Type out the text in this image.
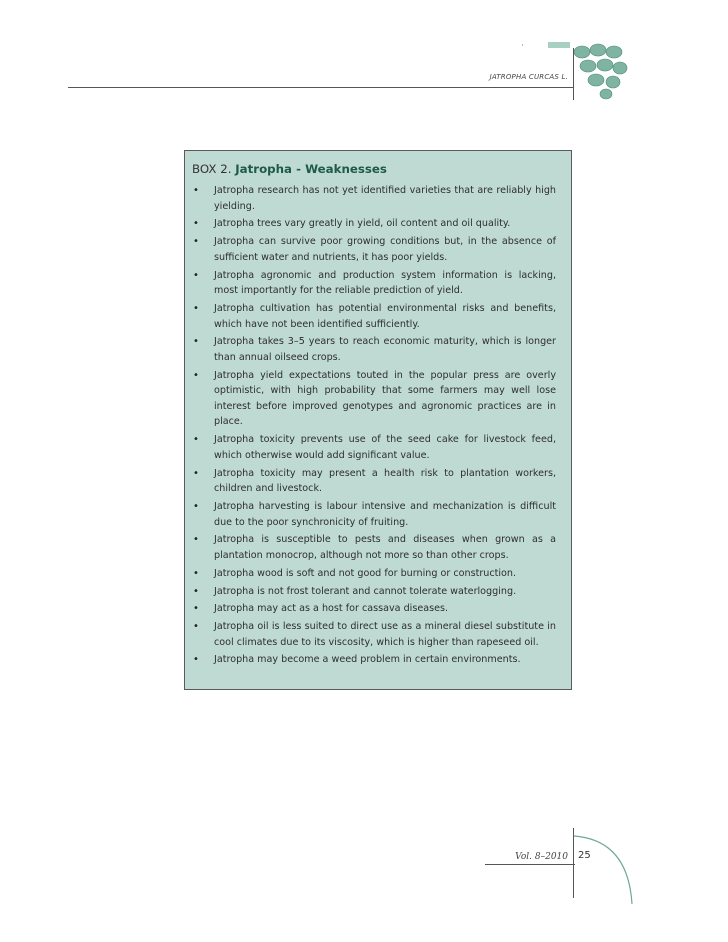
JATROPHA CURCAS L.
BOX 2. Jatropha - Weaknesses
• Jatropha research has not yet identified varieties that are reliably high yielding.
• Jatropha trees vary greatly in yield, oil content and oil quality.
• Jatropha can survive poor growing conditions but, in the absence of sufficient water and nutrients, it has poor yields.
• Jatropha agronomic and production system information is lacking, most importantly for the reliable prediction of yield.
• Jatropha cultivation has potential environmental risks and benefits, which have not been identified sufficiently.
• Jatropha takes 3–5 years to reach economic maturity, which is longer than annual oilseed crops.
• Jatropha yield expectations touted in the popular press are overly optimistic, with high probability that some farmers may well lose interest before improved genotypes and agronomic practices are in place.
• Jatropha toxicity prevents use of the seed cake for livestock feed, which otherwise would add significant value.
• Jatropha toxicity may present a health risk to plantation workers, children and livestock.
• Jatropha harvesting is labour intensive and mechanization is difficult due to the poor synchronicity of fruiting.
• Jatropha is susceptible to pests and diseases when grown as a plantation monocrop, although not more so than other crops.
• Jatropha wood is soft and not good for burning or construction.
• Jatropha is not frost tolerant and cannot tolerate waterlogging.
• Jatropha may act as a host for cassava diseases.
• Jatropha oil is less suited to direct use as a mineral diesel substitute in cool climates due to its viscosity, which is higher than rapeseed oil.
• Jatropha may become a weed problem in certain environments.
Vol. 8–2010 25
